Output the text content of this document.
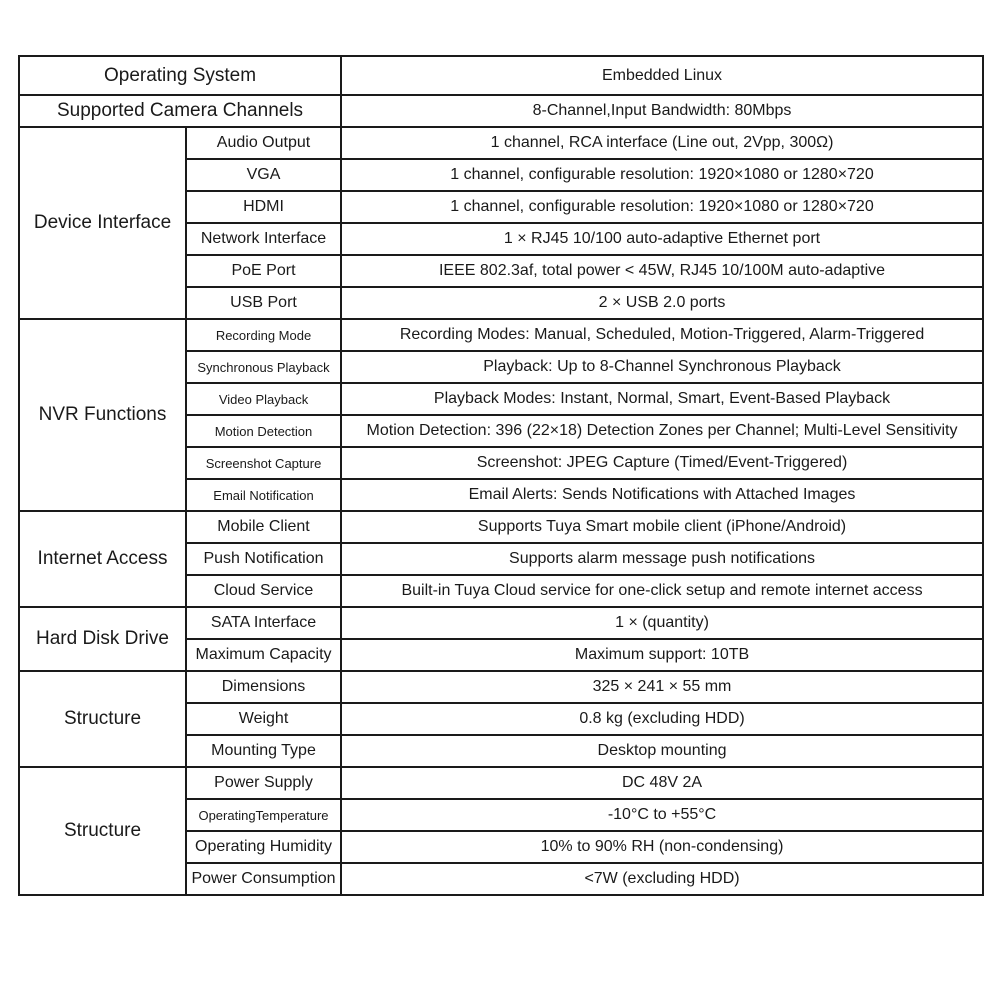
Operating System		Embedded Linux
Supported Camera Channels		8-Channel,Input Bandwidth: 80Mbps
Device Interface	Audio Output	1 channel, RCA interface (Line out, 2Vpp, 300Ω)
	VGA	1 channel, configurable resolution: 1920×1080 or 1280×720
	HDMI	1 channel, configurable resolution: 1920×1080 or 1280×720
	Network Interface	1 × RJ45 10/100 auto-adaptive Ethernet port
	PoE Port	IEEE 802.3af, total power < 45W, RJ45 10/100M auto-adaptive
	USB Port	2 × USB 2.0 ports
NVR Functions	Recording Mode	Recording Modes: Manual, Scheduled, Motion-Triggered, Alarm-Triggered
	Synchronous Playback	Playback: Up to 8-Channel Synchronous Playback
	Video Playback	Playback Modes: Instant, Normal, Smart, Event-Based Playback
	Motion Detection	Motion Detection: 396 (22×18) Detection Zones per Channel; Multi-Level Sensitivity
	Screenshot Capture	Screenshot: JPEG Capture (Timed/Event-Triggered)
	Email Notification	Email Alerts: Sends Notifications with Attached Images
Internet Access	Mobile Client	Supports Tuya Smart mobile client (iPhone/Android)
	Push Notification	Supports alarm message push notifications
	Cloud Service	Built-in Tuya Cloud service for one-click setup and remote internet access
Hard Disk Drive	SATA Interface	1 × (quantity)
	Maximum Capacity	Maximum support: 10TB
Structure	Dimensions	325 × 241 × 55 mm
	Weight	0.8 kg (excluding HDD)
	Mounting Type	Desktop mounting
Structure	Power Supply	DC 48V 2A
	OperatingTemperature	-10°C to +55°C
	Operating Humidity	10% to 90% RH (non-condensing)
	Power Consumption	<7W (excluding HDD)
